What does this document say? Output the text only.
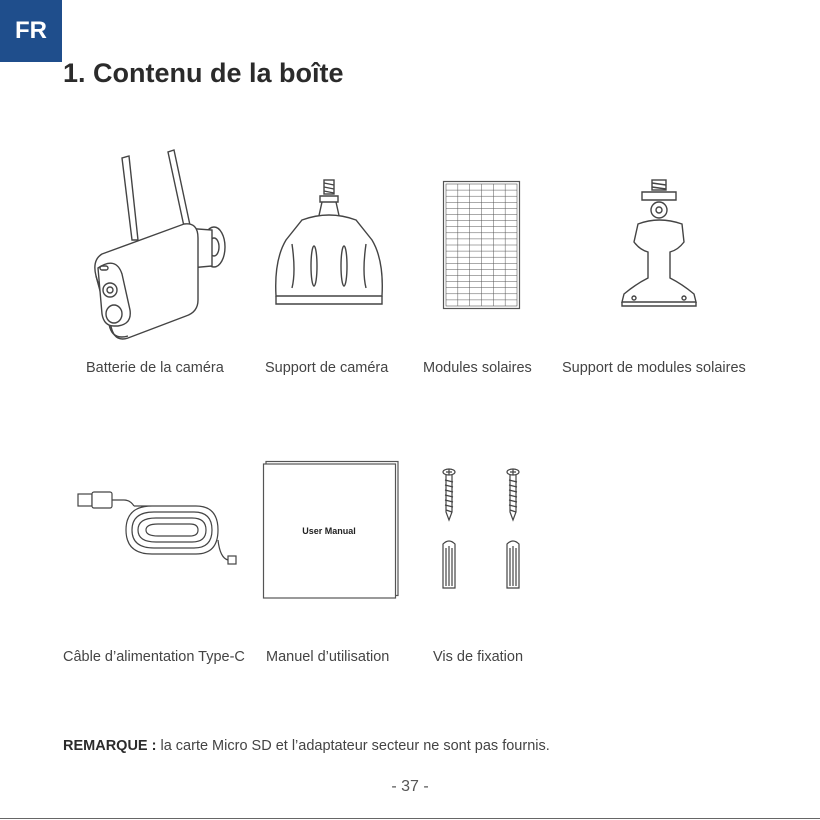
FR
1. Contenu de la boîte
Batterie de la caméra	Support de caméra Modules solaires Support de modules solaires
User Manual
Câble d’alimentation Type-C Manuel d’utilisation	Vis de fixation
REMARQUE : la carte Micro SD et l’adaptateur secteur ne sont pas fournis.
- 37 -
